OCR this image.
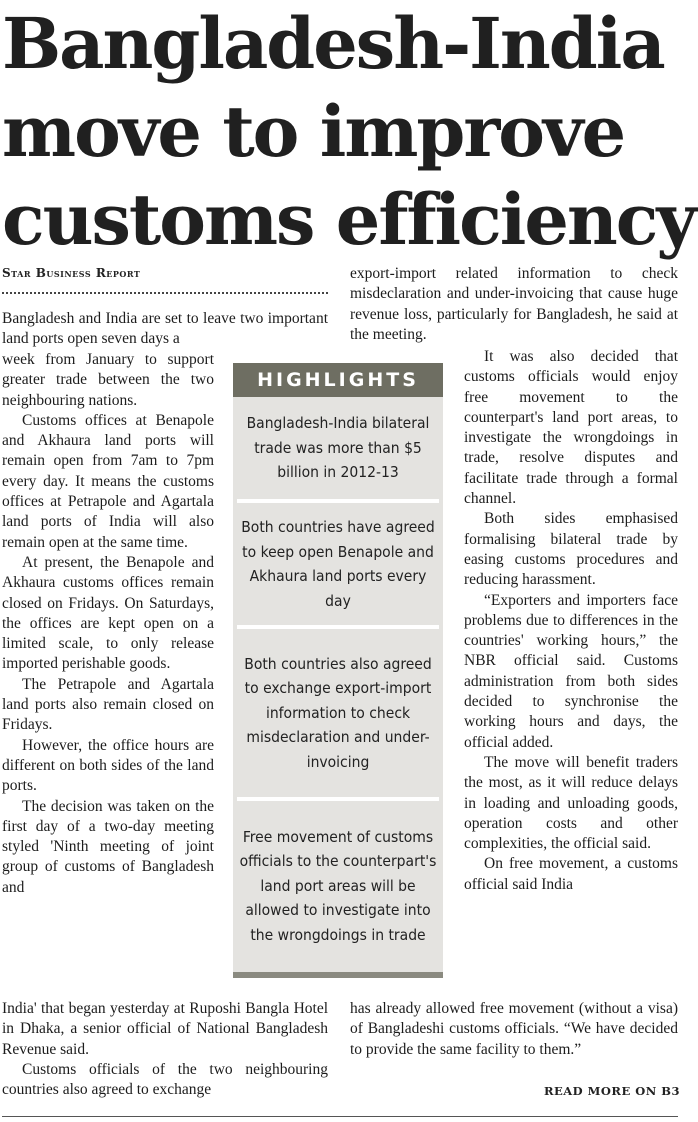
Bangladesh-India
move to improve
customs efficiency
Star Business Report

Bangladesh and India are set to leave two important land ports open seven days a

week from January to support greater trade between the two neighbouring nations.

Customs offices at Benapole and Akhaura land ports will remain open from 7am to 7pm every day. It means the customs offices at Petrapole and Agartala land ports of India will also remain open at the same time.

At present, the Benapole and Akhaura customs offices remain closed on Fridays. On Saturdays, the offices are kept open on a limited scale, to only release imported perishable goods.

The Petrapole and Agartala land ports also remain closed on Fridays.

However, the office hours are different on both sides of the land ports.

The decision was taken on the first day of a two-day meeting styled 'Ninth meeting of joint group of customs of Bangladesh and

India' that began yesterday at Ruposhi Bangla Hotel in Dhaka, a senior official of National Bangladesh Revenue said.

Customs officials of the two neighbouring countries also agreed to exchange

HIGHLIGHTS
Bangladesh-India bilateral trade was more than $5 billion in 2012-13
Both countries have agreed to keep open Benapole and Akhaura land ports every day
Both countries also agreed to exchange export-import information to check misdeclaration and under-invoicing
Free movement of customs officials to the counterpart's land port areas will be allowed to investigate into the wrongdoings in trade

export-import related information to check misdeclaration and under-invoicing that cause huge revenue loss, particularly for Bangladesh, he said at the meeting.

It was also decided that customs officials would enjoy free movement to the counterpart's land port areas, to investigate the wrongdoings in trade, resolve disputes and facilitate trade through a formal channel.

Both sides emphasised formalising bilateral trade by easing customs procedures and reducing harassment.

“Exporters and importers face problems due to differences in the countries' working hours,” the NBR official said. Customs administration from both sides decided to synchronise the working hours and days, the official added.

The move will benefit traders the most, as it will reduce delays in loading and unloading goods, operation costs and other complexities, the official said.

On free movement, a customs official said India

has already allowed free movement (without a visa) of Bangladeshi customs officials. “We have decided to provide the same facility to them.”

READ MORE ON B3
